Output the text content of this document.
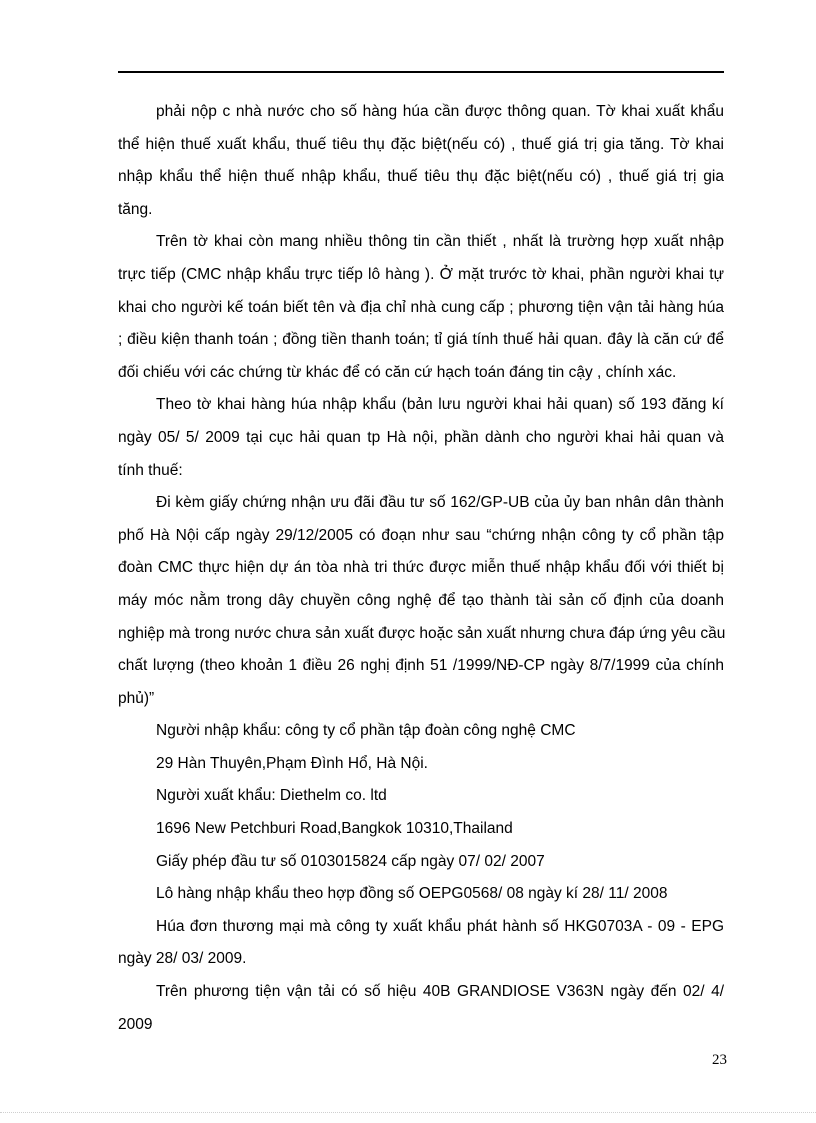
phải nộp c nhà nước cho số hàng húa cần được thông quan. Tờ khai xuất khẩu
thể hiện thuế xuất khẩu, thuế tiêu thụ đặc biệt(nếu có) , thuế giá trị gia tăng. Tờ khai
nhập khẩu thể hiện thuế nhập khẩu, thuế tiêu thụ đặc biệt(nếu có) , thuế giá trị gia
tăng.
Trên tờ khai còn mang nhiều thông tin cần thiết , nhất là trường hợp xuất nhập
trực tiếp (CMC nhập khẩu trực tiếp lô hàng ). Ở mặt trước tờ khai, phần người khai tự
khai cho người kế toán biết tên và địa chỉ nhà cung cấp ; phương tiện vận tải hàng húa
; điều kiện thanh toán ; đồng tiền thanh toán; tỉ giá tính thuế hải quan. đây là căn cứ để
đối chiếu với các chứng từ khác để có căn cứ hạch toán đáng tin cậy , chính xác.
Theo tờ khai hàng húa nhập khẩu (bản lưu người khai hải quan) số 193 đăng kí
ngày 05/ 5/ 2009 tại cục hải quan tp Hà nội, phần dành cho người khai hải quan và
tính thuế:
Đi kèm giấy chứng nhận ưu đãi đầu tư số 162/GP-UB của ủy ban nhân dân thành
phố Hà Nội cấp ngày 29/12/2005 có đoạn như sau “chứng nhận công ty cổ phần tập
đoàn CMC thực hiện dự án tòa nhà tri thức được miễn thuế nhập khẩu đối với thiết bị
máy móc nằm trong dây chuyền công nghệ để tạo thành tài sản cố định của doanh
nghiệp mà trong nước chưa sản xuất được hoặc sản xuất nhưng chưa đáp ứng yêu cầu
chất lượng (theo khoản 1 điều 26 nghị định 51 /1999/NĐ-CP ngày 8/7/1999 của chính
phủ)”
Người nhập khẩu: công ty cổ phần tập đoàn công nghệ CMC
29 Hàn Thuyên,Phạm Đình Hổ, Hà Nội.
Người xuất khẩu: Diethelm co. ltd
1696 New Petchburi Road,Bangkok 10310,Thailand
Giấy phép đầu tư số 0103015824 cấp ngày 07/ 02/ 2007
Lô hàng nhập khẩu theo hợp đồng số OEPG0568/ 08 ngày kí 28/ 11/ 2008
Húa đơn thương mại mà công ty xuất khẩu phát hành số HKG0703A - 09 - EPG
ngày 28/ 03/ 2009.
Trên phương tiện vận tải có số hiệu 40B GRANDIOSE V363N ngày đến 02/ 4/
2009
23
